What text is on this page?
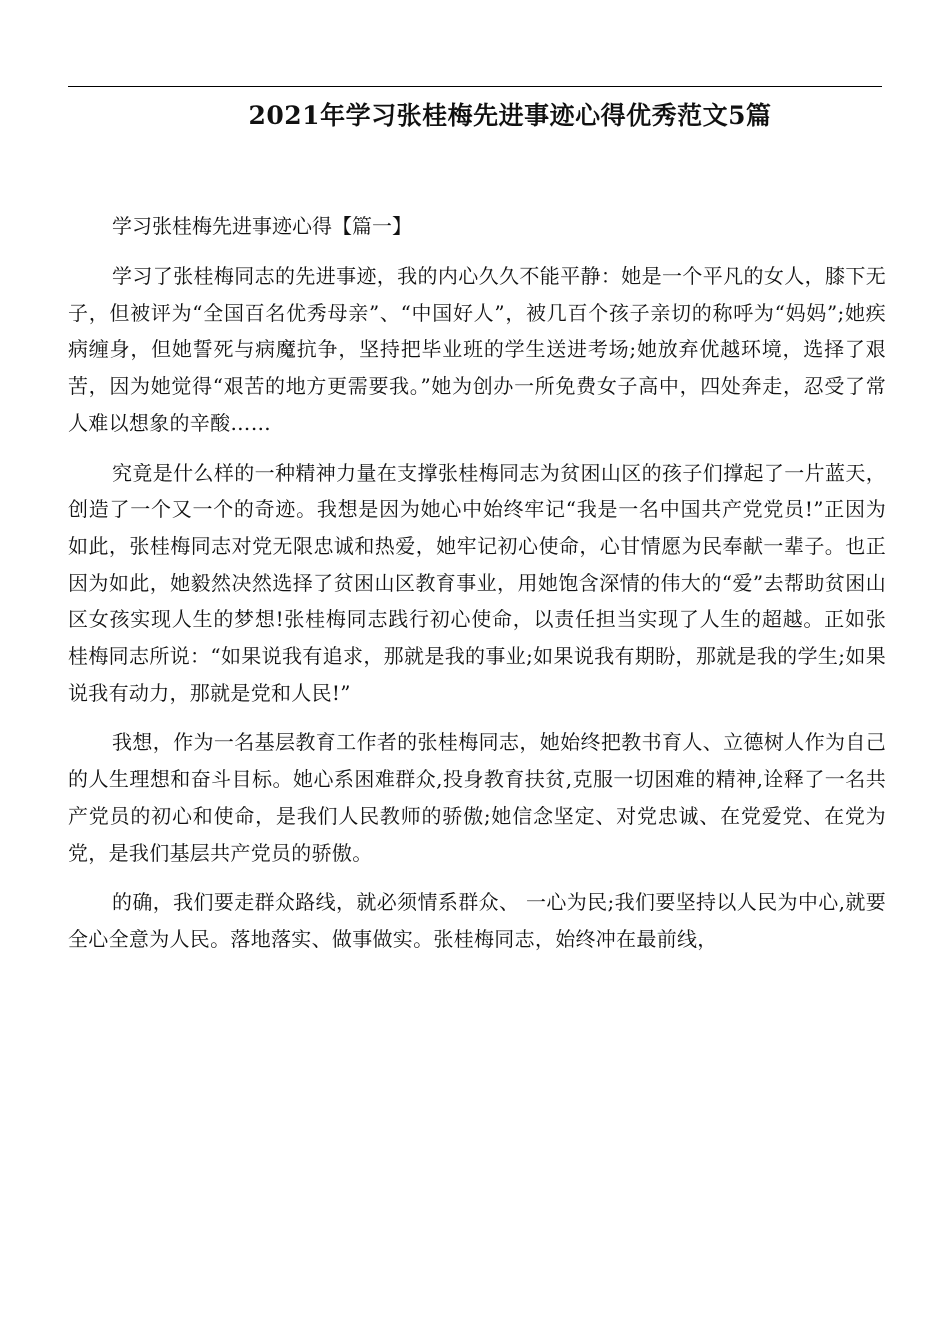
2021年学习张桂梅先进事迹心得优秀范文5篇

学习张桂梅先进事迹心得【篇一】

学习了张桂梅同志的先进事迹，我的内心久久不能平静：她是一个平凡的女人，膝下无子，但被评为“全国百名优秀母亲”、“中国好人”，被几百个孩子亲切的称呼为“妈妈”;她疾病缠身，但她誓死与病魔抗争，坚持把毕业班的学生送进考场;她放弃优越环境，选择了艰苦，因为她觉得“艰苦的地方更需要我。”她为创办一所免费女子高中，四处奔走，忍受了常人难以想象的辛酸……

究竟是什么样的一种精神力量在支撑张桂梅同志为贫困山区的孩子们撑起了一片蓝天，创造了一个又一个的奇迹。我想是因为她心中始终牢记“我是一名中国共产党党员!”正因为如此，张桂梅同志对党无限忠诚和热爱，她牢记初心使命，心甘情愿为民奉献一辈子。也正因为如此，她毅然决然选择了贫困山区教育事业，用她饱含深情的伟大的“爱”去帮助贫困山区女孩实现人生的梦想!张桂梅同志践行初心使命，以责任担当实现了人生的超越。正如张桂梅同志所说：“如果说我有追求，那就是我的事业;如果说我有期盼，那就是我的学生;如果说我有动力，那就是党和人民!”

我想，作为一名基层教育工作者的张桂梅同志，她始终把教书育人、立德树人作为自己的人生理想和奋斗目标。她心系困难群众,投身教育扶贫,克服一切困难的精神,诠释了一名共产党员的初心和使命，是我们人民教师的骄傲;她信念坚定、对党忠诚、在党爱党、在党为党，是我们基层共产党员的骄傲。

的确，我们要走群众路线，就必须情系群众、 一心为民;我们要坚持以人民为中心,就要全心全意为人民。落地落实、做事做实。张桂梅同志，始终冲在最前线，
